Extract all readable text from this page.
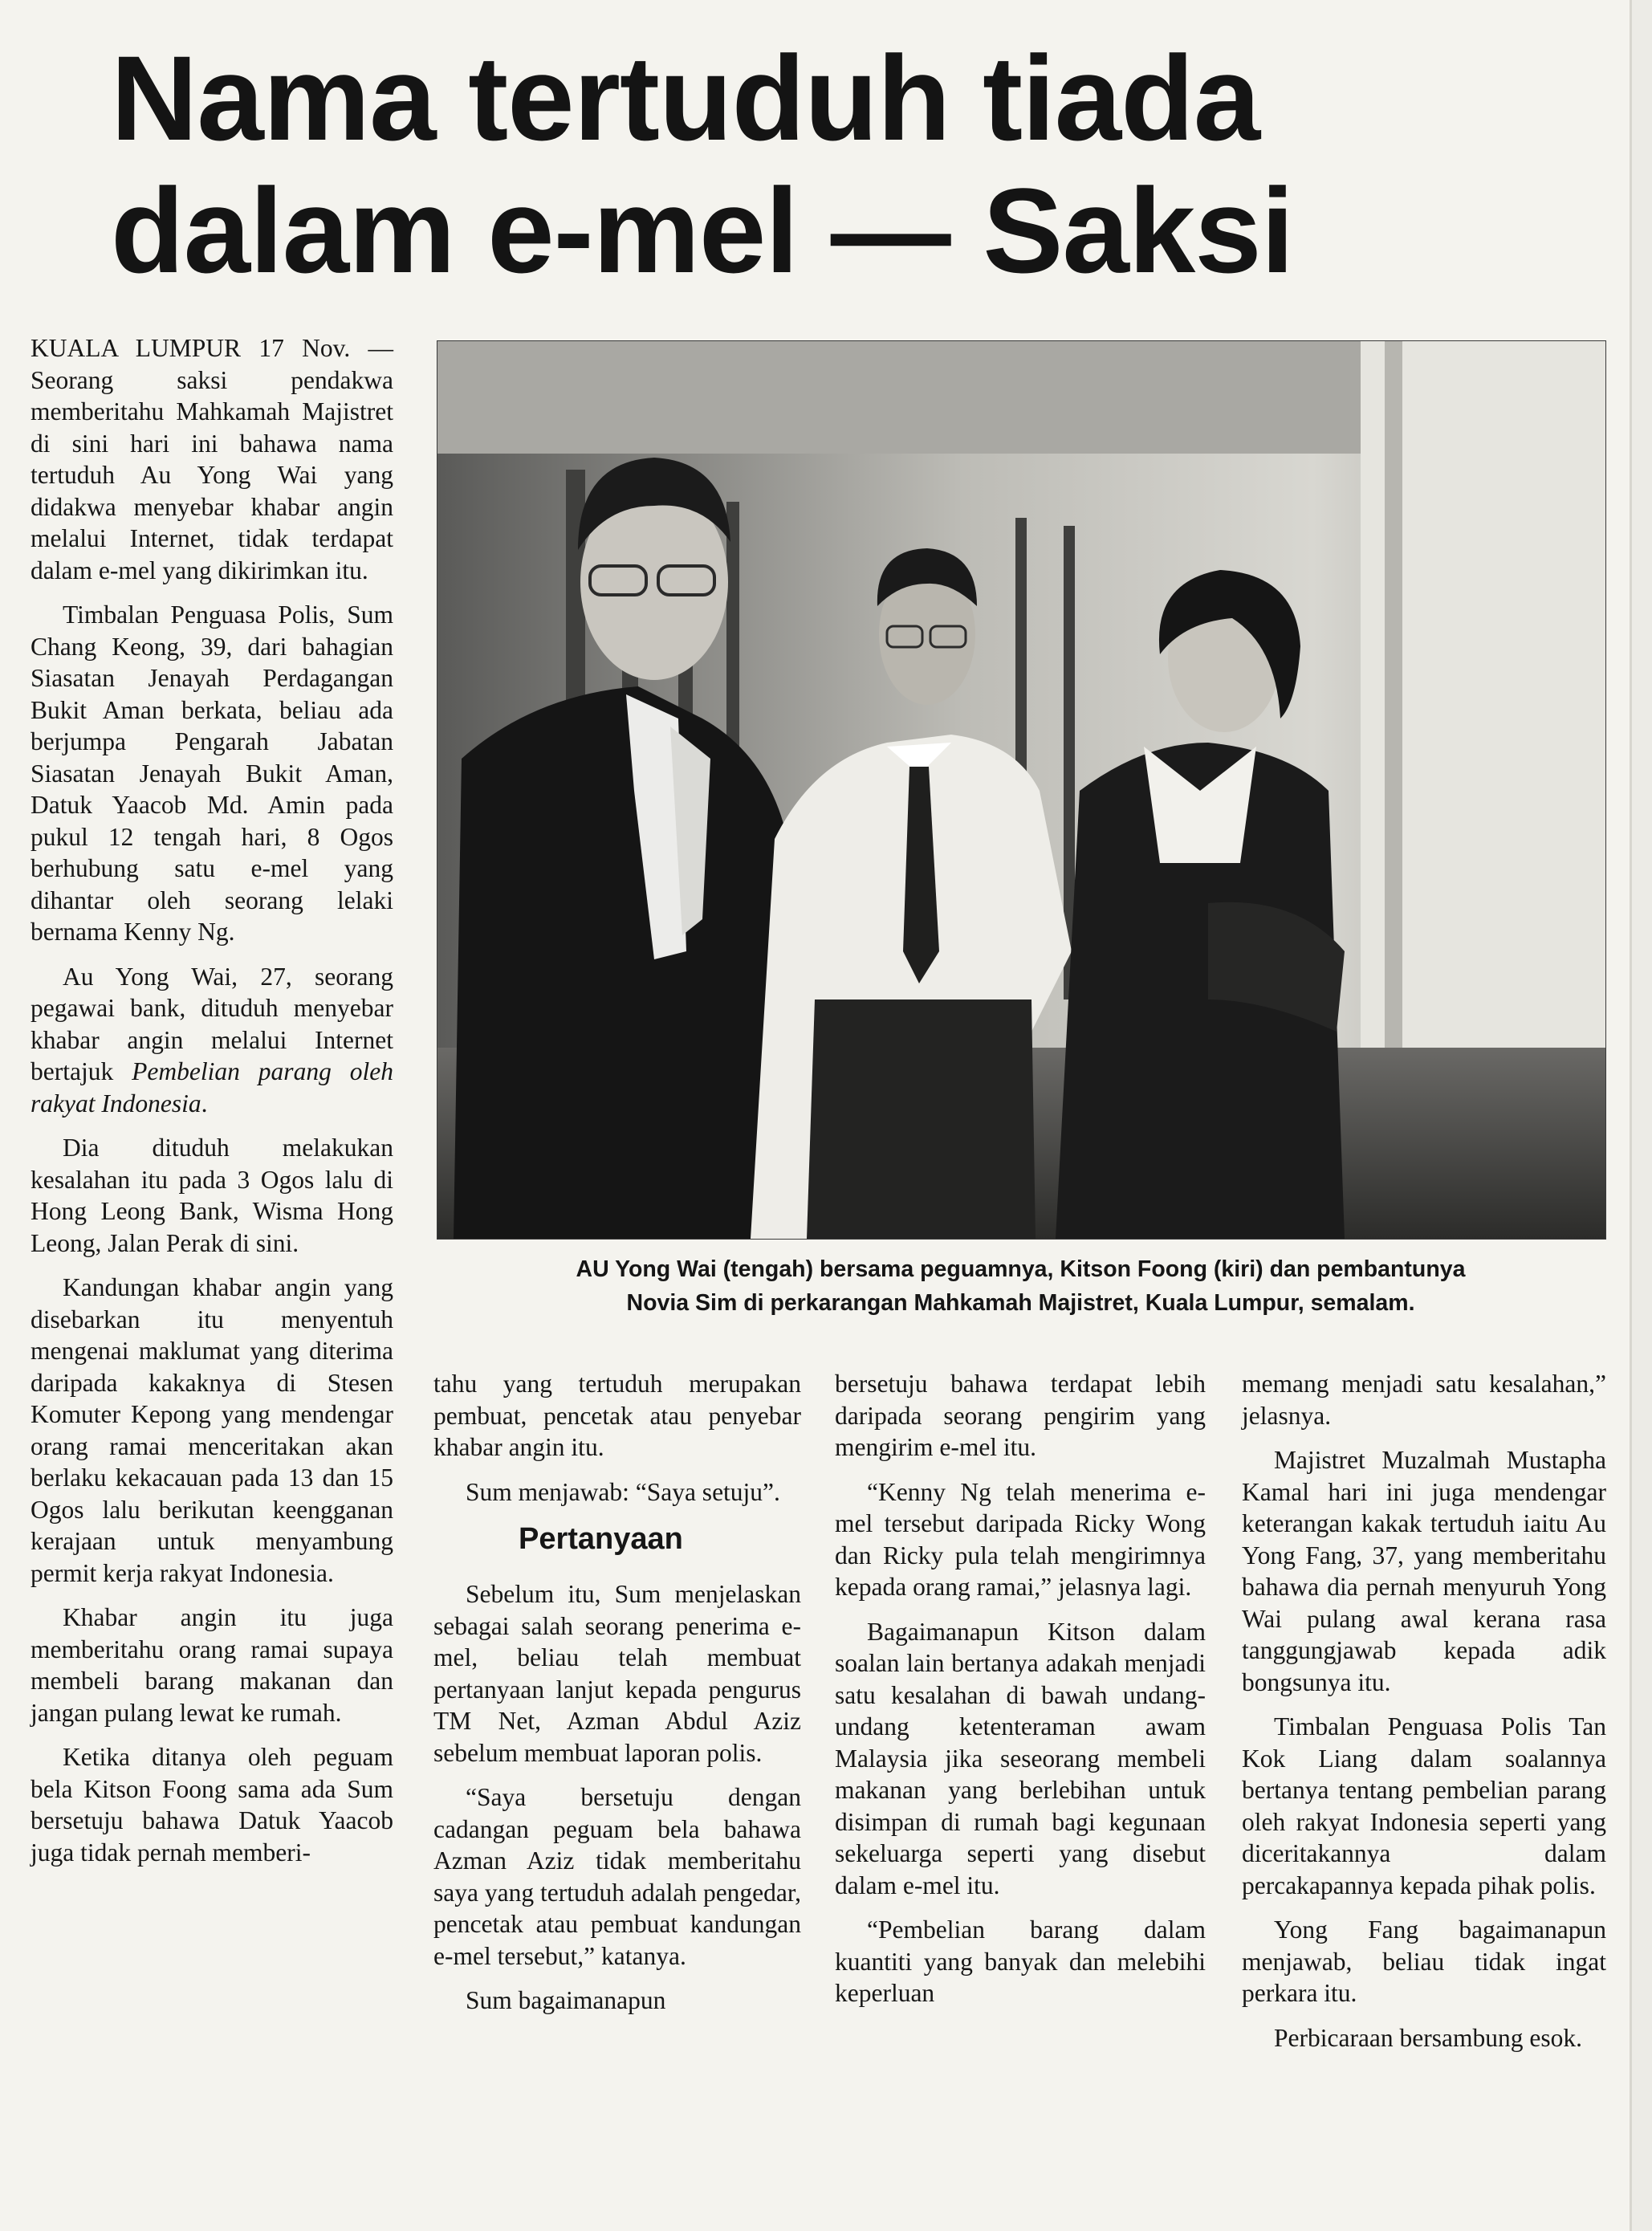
Nama tertuduh tiada
dalam e-mel — Saksi

KUALA LUMPUR 17 Nov. — Seorang saksi pendakwa memberitahu Mahkamah Majistret di sini hari ini bahawa nama tertuduh Au Yong Wai yang didakwa menyebar khabar angin melalui Internet, tidak terdapat dalam e-mel yang dikirimkan itu.

Timbalan Penguasa Polis, Sum Chang Keong, 39, dari bahagian Siasatan Jenayah Perdagangan Bukit Aman berkata, beliau ada berjumpa Pengarah Jabatan Siasatan Jenayah Bukit Aman, Datuk Yaacob Md. Amin pada pukul 12 tengah hari, 8 Ogos berhubung satu e-mel yang dihantar oleh seorang lelaki bernama Kenny Ng.

Au Yong Wai, 27, seorang pegawai bank, dituduh menyebar khabar angin melalui Internet bertajuk Pembelian parang oleh rakyat Indonesia.

Dia dituduh melakukan kesalahan itu pada 3 Ogos lalu di Hong Leong Bank, Wisma Hong Leong, Jalan Perak di sini.

Kandungan khabar angin yang disebarkan itu menyentuh mengenai maklumat yang diterima daripada kakaknya di Stesen Komuter Kepong yang mendengar orang ramai menceritakan akan berlaku kekacauan pada 13 dan 15 Ogos lalu berikutan keengganan kerajaan untuk menyambung permit kerja rakyat Indonesia.

Khabar angin itu juga memberitahu orang ramai supaya membeli barang makanan dan jangan pulang lewat ke rumah.

Ketika ditanya oleh peguam bela Kitson Foong sama ada Sum bersetuju bahawa Datuk Yaacob juga tidak pernah memberi-

AU Yong Wai (tengah) bersama peguamnya, Kitson Foong (kiri) dan pembantunya
Novia Sim di perkarangan Mahkamah Majistret, Kuala Lumpur, semalam.

tahu yang tertuduh merupakan pembuat, pencetak atau penyebar khabar angin itu.

Sum menjawab: “Saya setuju”.

Pertanyaan

Sebelum itu, Sum menjelaskan sebagai salah seorang penerima e-mel, beliau telah membuat pertanyaan lanjut kepada pengurus TM Net, Azman Abdul Aziz sebelum membuat laporan polis.

“Saya bersetuju dengan cadangan peguam bela bahawa Azman Aziz tidak memberitahu saya yang tertuduh adalah pengedar, pencetak atau pembuat kandungan e-mel tersebut,” katanya.

Sum bagaimanapun

bersetuju bahawa terdapat lebih daripada seorang pengirim yang mengirim e-mel itu.

“Kenny Ng telah menerima e-mel tersebut daripada Ricky Wong dan Ricky pula telah mengirimnya kepada orang ramai,” jelasnya lagi.

Bagaimanapun Kitson dalam soalan lain bertanya adakah menjadi satu kesalahan di bawah undang-undang ketenteraman awam Malaysia jika seseorang membeli makanan yang berlebihan untuk disimpan di rumah bagi kegunaan sekeluarga seperti yang disebut dalam e-mel itu.

“Pembelian barang dalam kuantiti yang banyak dan melebihi keperluan

memang menjadi satu kesalahan,” jelasnya.

Majistret Muzalmah Mustapha Kamal hari ini juga mendengar keterangan kakak tertuduh iaitu Au Yong Fang, 37, yang memberitahu bahawa dia pernah menyuruh Yong Wai pulang awal kerana rasa tanggungjawab kepada adik bongsunya itu.

Timbalan Penguasa Polis Tan Kok Liang dalam soalannya bertanya tentang pembelian parang oleh rakyat Indonesia seperti yang diceritakannya dalam percakapannya kepada pihak polis.

Yong Fang bagaimanapun menjawab, beliau tidak ingat perkara itu.

Perbicaraan bersambung esok.
